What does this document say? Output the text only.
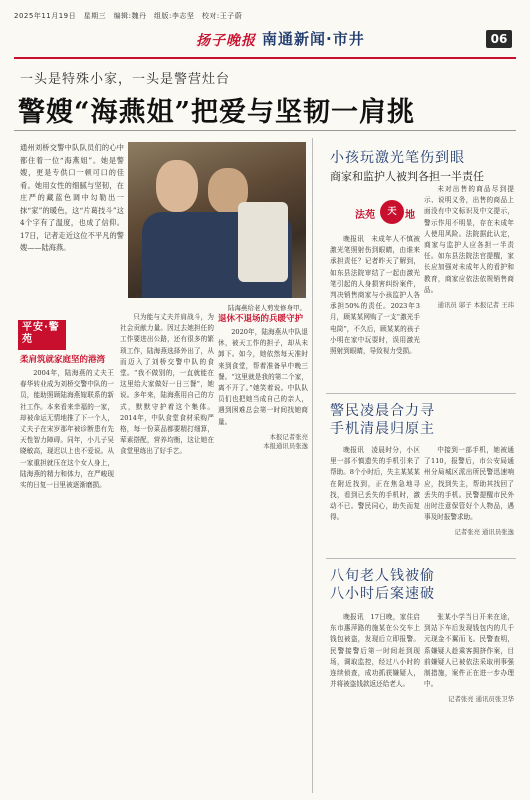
2025年11月19日　星期三　编辑:魏丹　组版:李志坚　校对:王子蔚
扬子晚报 南通新闻·市井	06
一头是特殊小家，一头是警营灶台
警嫂“海燕姐”把爱与坚韧一肩挑
通州刘桥交警中队队员们的心中都住着一位“海燕姐”。她是警嫂，更是专供口一顿可口的佳肴。她用女性的细腻与坚韧，在庄严的藏蓝色调中勾勒出一抹“家”的暖色，这“片葛技斗”这4个字有了温度，也成了信仰。17日，记者走近这位不平凡的警嫂——陆海燕。
陆海燕给老人剪发修身甲。
平安·警苑
柔肩筑就家庭坚的港湾
2004年，陆海燕的丈夫王春华转业成为刘桥交警中队的一员，能助照顾陆海燕嫁联系的新社工作。本来看来幸福的一家，却被命运无情地推了下一个人，丈夫子在宋岁那年被诊断患有先天性智力障碍。同年，小儿子吴晓敏高，现迟以上也不爱说。从一家重担就压在这个女人身上，陆海燕的精力和体力，在严峻现实的日复一日里被逐渐磨损。
只为能与丈夫并肩战斗，为社会贡献力量。因过去她担任的工作要进出公路，还有很多的繁琐工作，陆海燕选择外出了，从而迈入了刘桥交警中队的食堂。“我不做别的，一直就能在这里给大家做好一日三餐”，她说。多年来，陆海燕用自己的方式，默默守护着这个集体。2014年，中队食堂食材采购严格，每一份菜品都要精打细算，荤素搭配，营养均衡，这让她在食堂里练出了好手艺。
退休不退场的兵暖守护
2020年，陆海燕从中队退休，被天工作的担子，却从未卸下。如今，她依然每天准时来到食堂，帮着准备早中晚三餐。“这里就是我的第二个家，离不开了。”她笑着说。中队队员们也把她当成自己的亲人，遇到困难总会第一时间找她商量。
本报记者张亮
本报通讯员张逸
小孩玩激光笔伤到眼
商家和监护人被判各担一半责任
法苑	天 地
晚报讯　未成年人不慎被激光笔照射伤到眼睛，由谁来承担责任？记者昨天了解到，如东县法院审结了一起由激光笔引起的人身损害纠纷案件，判决销售商家与小孩监护人各承担50%的责任。2023年3月，顾某某网购了一支“激光手电筒”，不久后，顾某某的孩子小明在家中玩耍时，误用激光照射到眼睛，导致视力受损。
未对出售的商品尽到提示、说明义务，出售的商品上面没有中文标识及中文提示，警示作用不明显，存在未成年人使用风险。法院据此认定，商家与监护人应各担一半责任。如东县法院法官提醒，家长应加强对未成年人的看护和教育，商家应依法依规销售商品。
通讯员 邬子 本报记者 王玮
警民凌晨合力寻
手机清晨归原主
晚报讯　凌晨时分，小区里一部不慎遗失的手机引来了帮助。8个小时后，失主某某某在附近找到，正在焦急地寻找，看到已丢失的手机时，激动不已。警民同心，助失而复得。
中接到一部手机，她被通了110，报警后，市公安局通州分局城区派出所民警迅速响应，找到失主，帮助其找回了丢失的手机。民警提醒市民外出时注意保管好个人物品，遇事及时报警求助。
记者张亮 通讯员张逸
八旬老人钱被偷
八小时后案速破
晚报讯　17日晚，家住启东市惠萍路的施某在公交车上钱包被盗，发现后立即报警。民警接警后第一时间赶到现场，调取监控，经过八小时的连续侦查，成功抓获嫌疑人，并将被盗钱款返还给老人。
张某小学当日开来在途，到站下车后发现钱包内的几千元现金不翼而飞。民警查明，系嫌疑人趁乘客拥挤作案，目前嫌疑人已被依法采取刑事强制措施，案件正在进一步办理中。
记者张亮 通讯员张卫华
